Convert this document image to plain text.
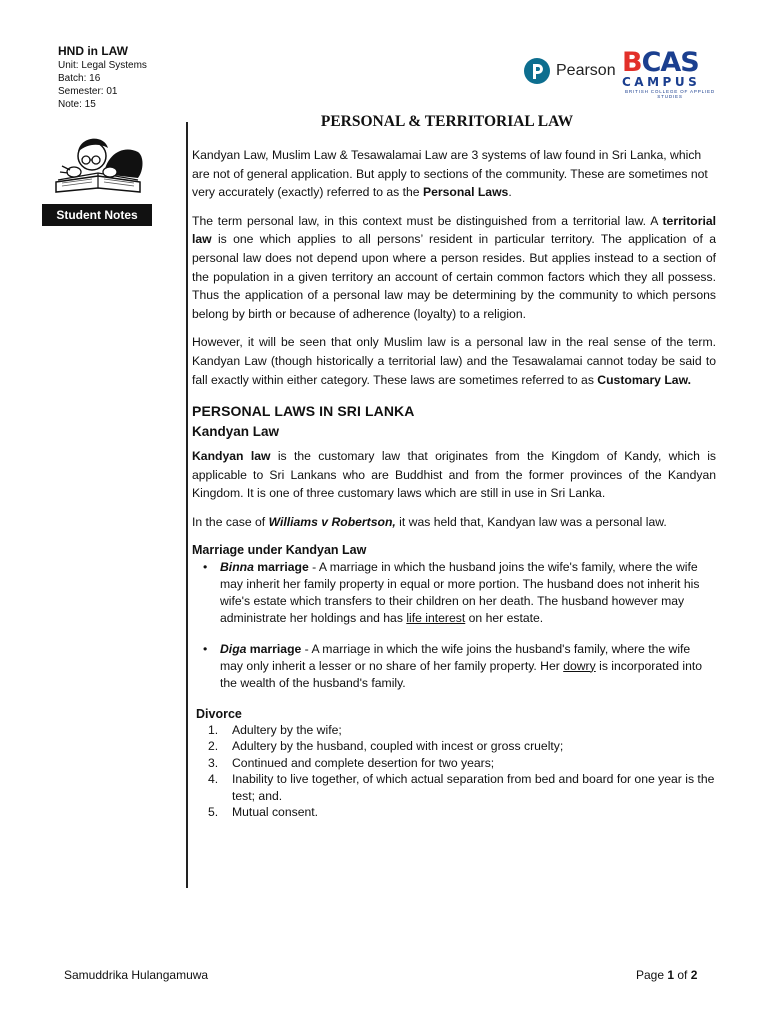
HND in LAW
Unit: Legal Systems
Batch: 16
Semester: 01
Note: 15
Pearson BCAS
CAMPUS
BRITISH COLLEGE OF APPLIED STUDIES
Student Notes
PERSONAL & TERRITORIAL LAW

Kandyan Law, Muslim Law & Tesawalamai Law are 3 systems of law found in Sri Lanka, which are not of general application. But apply to sections of the community. These are sometimes not very accurately (exactly) referred to as the Personal Laws.

The term personal law, in this context must be distinguished from a territorial law. A territorial law is one which applies to all persons’ resident in particular territory. The application of a personal law does not depend upon where a person resides. But applies instead to a section of the population in a given territory an account of certain common factors which they all possess. Thus the application of a personal law may be determining by the community to which persons belong by birth or because of adherence (loyalty) to a religion.

However, it will be seen that only Muslim law is a personal law in the real sense of the term. Kandyan Law (though historically a territorial law) and the Tesawalamai cannot today be said to fall exactly within either category. These laws are sometimes referred to as Customary Law.

PERSONAL LAWS IN SRI LANKA
Kandyan Law

Kandyan law is the customary law that originates from the Kingdom of Kandy, which is applicable to Sri Lankans who are Buddhist and from the former provinces of the Kandyan Kingdom. It is one of three customary laws which are still in use in Sri Lanka.

In the case of Williams v Robertson, it was held that, Kandyan law was a personal law.

Marriage under Kandyan Law
• Binna marriage - A marriage in which the husband joins the wife's family, where the wife may inherit her family property in equal or more portion. The husband does not inherit his wife's estate which transfers to their children on her death. The husband however may administrate her holdings and has life interest on her estate.
• Diga marriage - A marriage in which the wife joins the husband's family, where the wife may only inherit a lesser or no share of her family property. Her dowry is incorporated into the wealth of the husband's family.
Divorce
1. Adultery by the wife;
2. Adultery by the husband, coupled with incest or gross cruelty;
3. Continued and complete desertion for two years;
4. Inability to live together, of which actual separation from bed and board for one year is the test; and.
5. Mutual consent.
Samuddrika Hulangamuwa	Page 1 of 2
